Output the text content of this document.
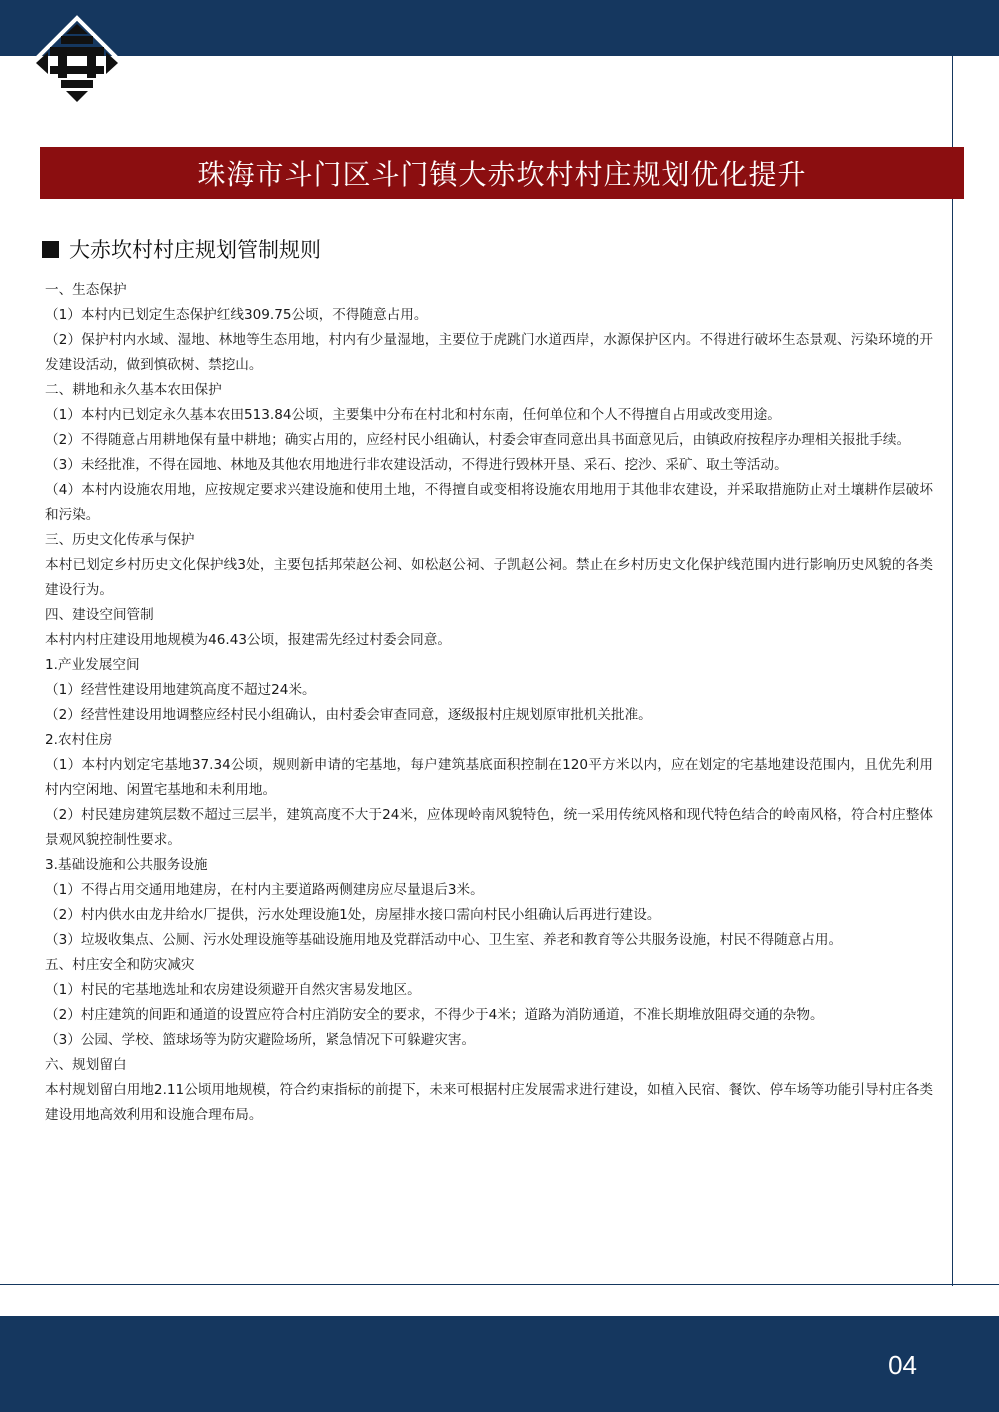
珠海市斗门区斗门镇大赤坎村村庄规划优化提升
大赤坎村村庄规划管制规则

一、生态保护

（1）本村内已划定生态保护红线309.75公顷，不得随意占用。

（2）保护村内水域、湿地、林地等生态用地，村内有少量湿地，主要位于虎跳门水道西岸，水源保护区内。不得进行破坏生态景观、污染环境的开发建设活动，做到慎砍树、禁挖山。

二、耕地和永久基本农田保护

（1）本村内已划定永久基本农田513.84公顷，主要集中分布在村北和村东南，任何单位和个人不得擅自占用或改变用途。

（2）不得随意占用耕地保有量中耕地；确实占用的，应经村民小组确认，村委会审查同意出具书面意见后，由镇政府按程序办理相关报批手续。

（3）未经批准，不得在园地、林地及其他农用地进行非农建设活动，不得进行毁林开垦、采石、挖沙、采矿、取土等活动。

（4）本村内设施农用地，应按规定要求兴建设施和使用土地，不得擅自或变相将设施农用地用于其他非农建设，并采取措施防止对土壤耕作层破坏和污染。

三、历史文化传承与保护

本村已划定乡村历史文化保护线3处，主要包括邦荣赵公祠、如松赵公祠、子凯赵公祠。禁止在乡村历史文化保护线范围内进行影响历史风貌的各类建设行为。

四、建设空间管制

本村内村庄建设用地规模为46.43公顷，报建需先经过村委会同意。

1.产业发展空间

（1）经营性建设用地建筑高度不超过24米。

（2）经营性建设用地调整应经村民小组确认，由村委会审查同意，逐级报村庄规划原审批机关批准。

2.农村住房

（1）本村内划定宅基地37.34公顷，规则新申请的宅基地，每户建筑基底面积控制在120平方米以内，应在划定的宅基地建设范围内，且优先利用村内空闲地、闲置宅基地和未利用地。

（2）村民建房建筑层数不超过三层半，建筑高度不大于24米，应体现岭南风貌特色，统一采用传统风格和现代特色结合的岭南风格，符合村庄整体景观风貌控制性要求。

3.基础设施和公共服务设施

（1）不得占用交通用地建房，在村内主要道路两侧建房应尽量退后3米。

（2）村内供水由龙井给水厂提供，污水处理设施1处，房屋排水接口需向村民小组确认后再进行建设。

（3）垃圾收集点、公厕、污水处理设施等基础设施用地及党群活动中心、卫生室、养老和教育等公共服务设施，村民不得随意占用。

五、村庄安全和防灾减灾

（1）村民的宅基地选址和农房建设须避开自然灾害易发地区。

（2）村庄建筑的间距和通道的设置应符合村庄消防安全的要求，不得少于4米；道路为消防通道，不准长期堆放阻碍交通的杂物。

（3）公园、学校、篮球场等为防灾避险场所，紧急情况下可躲避灾害。

六、规划留白

本村规划留白用地2.11公顷用地规模，符合约束指标的前提下，未来可根据村庄发展需求进行建设，如植入民宿、餐饮、停车场等功能引导村庄各类建设用地高效利用和设施合理布局。

04
